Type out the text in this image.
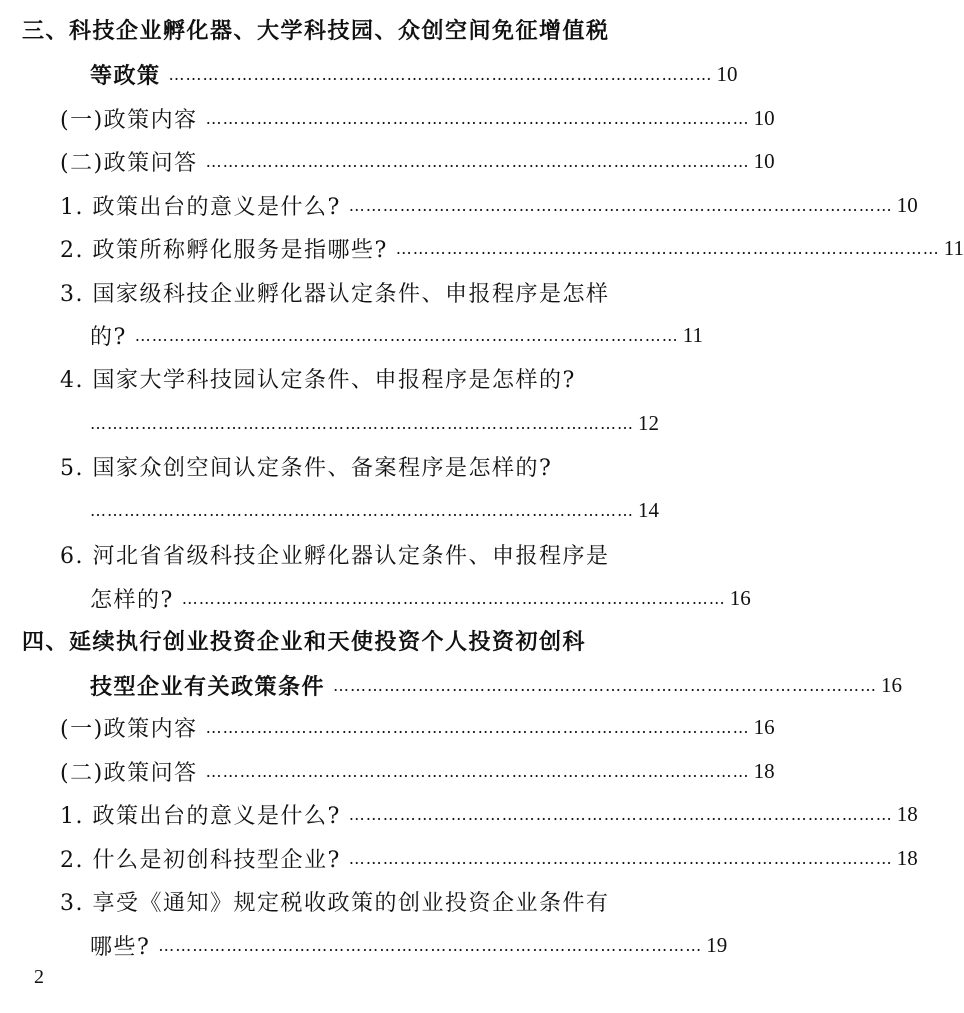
三、科技企业孵化器、大学科技园、众创空间免征增值税
等政策 …………………………………………………………………………………… 10
(一)政策内容 …………………………………………………………………………………… 10
(二)政策问答 …………………………………………………………………………………… 10
1. 政策出台的意义是什么? …………………………………………………………………………………… 10
2. 政策所称孵化服务是指哪些? …………………………………………………………………………………… 11
3. 国家级科技企业孵化器认定条件、申报程序是怎样
的? …………………………………………………………………………………… 11
4. 国家大学科技园认定条件、申报程序是怎样的?
…………………………………………………………………………………… 12
5. 国家众创空间认定条件、备案程序是怎样的?
…………………………………………………………………………………… 14
6. 河北省省级科技企业孵化器认定条件、申报程序是
怎样的? …………………………………………………………………………………… 16
四、延续执行创业投资企业和天使投资个人投资初创科
技型企业有关政策条件 …………………………………………………………………………………… 16
(一)政策内容 …………………………………………………………………………………… 16
(二)政策问答 …………………………………………………………………………………… 18
1. 政策出台的意义是什么? …………………………………………………………………………………… 18
2. 什么是初创科技型企业? …………………………………………………………………………………… 18
3. 享受《通知》规定税收政策的创业投资企业条件有
哪些? …………………………………………………………………………………… 19
2
